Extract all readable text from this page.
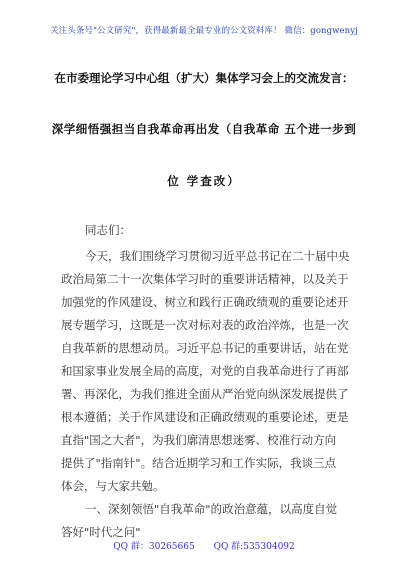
关注头条号"公文研究"，获得最新最全最专业的公文资料库！ 微信：gongwenyj
在市委理论学习中心组（扩大）集体学习会上的交流发言：
深学细悟强担当自我革命再出发（自我革命 五个进一步到
位 学查改）
同志们：
今天，我们围绕学习贯彻习近平总书记在二十届中央
政治局第二十一次集体学习时的重要讲话精神，以及关于
加强党的作风建设、树立和践行正确政绩观的重要论述开
展专题学习，这既是一次对标对表的政治淬炼，也是一次
自我革新的思想动员。习近平总书记的重要讲话，站在党
和国家事业发展全局的高度，对党的自我革命进行了再部
署、再深化，为我们推进全面从严治党向纵深发展提供了
根本遵循；关于作风建设和正确政绩观的重要论述，更是
直指"国之大者"，为我们廓清思想迷雾、校准行动方向
提供了"指南针"。结合近期学习和工作实际，我谈三点
体会，与大家共勉。
一、深刻领悟"自我革命"的政治意蕴，以高度自觉
答好"时代之问"
QQ 群：30265665 QQ 群:535304092
